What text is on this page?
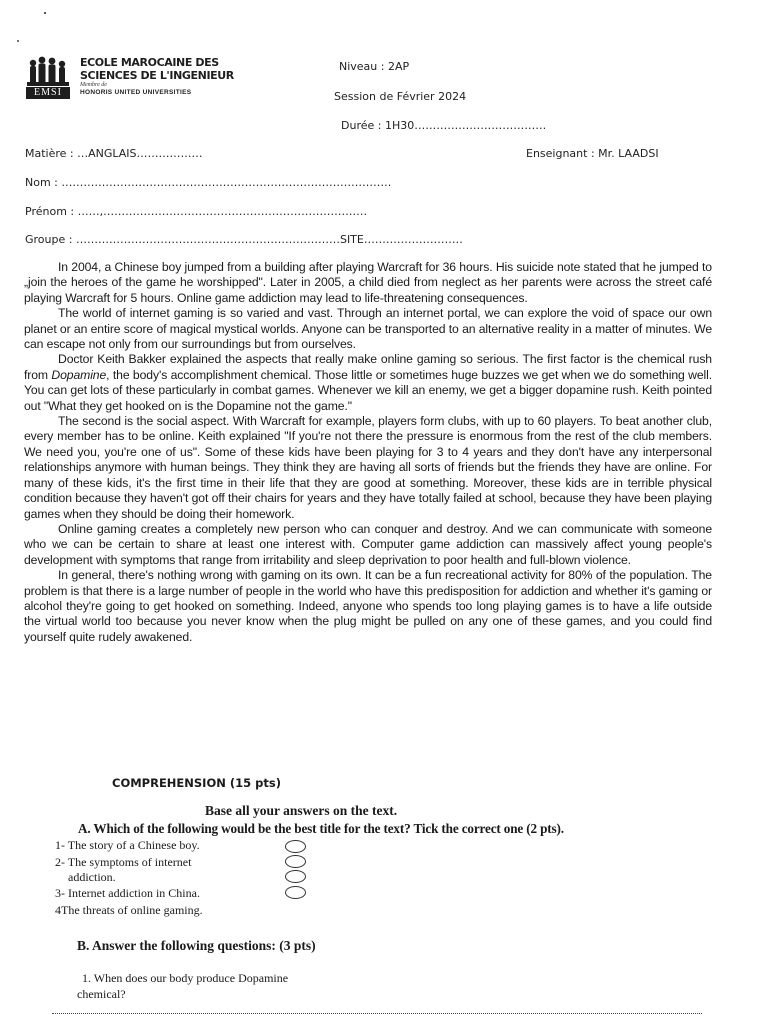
EMSI
ECOLE MAROCAINE DES
SCIENCES DE L'INGENIEUR
Membre de
HONORIS UNITED UNIVERSITIES
Niveau : 2AP
Session de Février 2024
Durée : 1H30………………………………
Matière : …ANGLAIS………………	Enseignant : Mr. LAADSI
Nom : ………………………………………………………………………………
Prénom : ……,………………………………………………………………
Groupe : ………………………………………………………………SITE………………………

In 2004, a Chinese boy jumped from a building after playing Warcraft for 36 hours. His suicide note stated that he jumped to „join the heroes of the game he worshipped". Later in 2005, a child died from neglect as her parents were across the street café playing Warcraft for 5 hours. Online game addiction may lead to life-threatening consequences.

The world of internet gaming is so varied and vast. Through an internet portal, we can explore the void of space our own planet or an entire score of magical mystical worlds. Anyone can be transported to an alternative reality in a matter of minutes. We can escape not only from our surroundings but from ourselves.

Doctor Keith Bakker explained the aspects that really make online gaming so serious. The first factor is the chemical rush from Dopamine, the body's accomplishment chemical. Those little or sometimes huge buzzes we get when we do something well. You can get lots of these particularly in combat games. Whenever we kill an enemy, we get a bigger dopamine rush. Keith pointed out "What they get hooked on is the Dopamine not the game."

The second is the social aspect. With Warcraft for example, players form clubs, with up to 60 players. To beat another club, every member has to be online. Keith explained "If you're not there the pressure is enormous from the rest of the club members. We need you, you're one of us". Some of these kids have been playing for 3 to 4 years and they don't have any interpersonal relationships anymore with human beings. They think they are having all sorts of friends but the friends they have are online. For many of these kids, it's the first time in their life that they are good at something. Moreover, these kids are in terrible physical condition because they haven't got off their chairs for years and they have totally failed at school, because they have been playing games when they should be doing their homework.

Online gaming creates a completely new person who can conquer and destroy. And we can communicate with someone who we can be certain to share at least one interest with. Computer game addiction can massively affect young people's development with symptoms that range from irritability and sleep deprivation to poor health and full-blown violence.

In general, there's nothing wrong with gaming on its own. It can be a fun recreational activity for 80% of the population. The problem is that there is a large number of people in the world who have this predisposition for addiction and whether it's gaming or alcohol they're going to get hooked on something. Indeed, anyone who spends too long playing games is to have a life outside the virtual world too because you never know when the plug might be pulled on any one of these games, and you could find yourself quite rudely awakened.

COMPREHENSION (15 pts)
Base all your answers on the text.
A. Which of the following would be the best title for the text? Tick the correct one (2 pts).
1- The story of a Chinese boy.
2- The symptoms of internet
addiction.
3- Internet addiction in China.
4The threats of online gaming.
B. Answer the following questions: (3 pts)
1. When does our body produce Dopamine
chemical?
